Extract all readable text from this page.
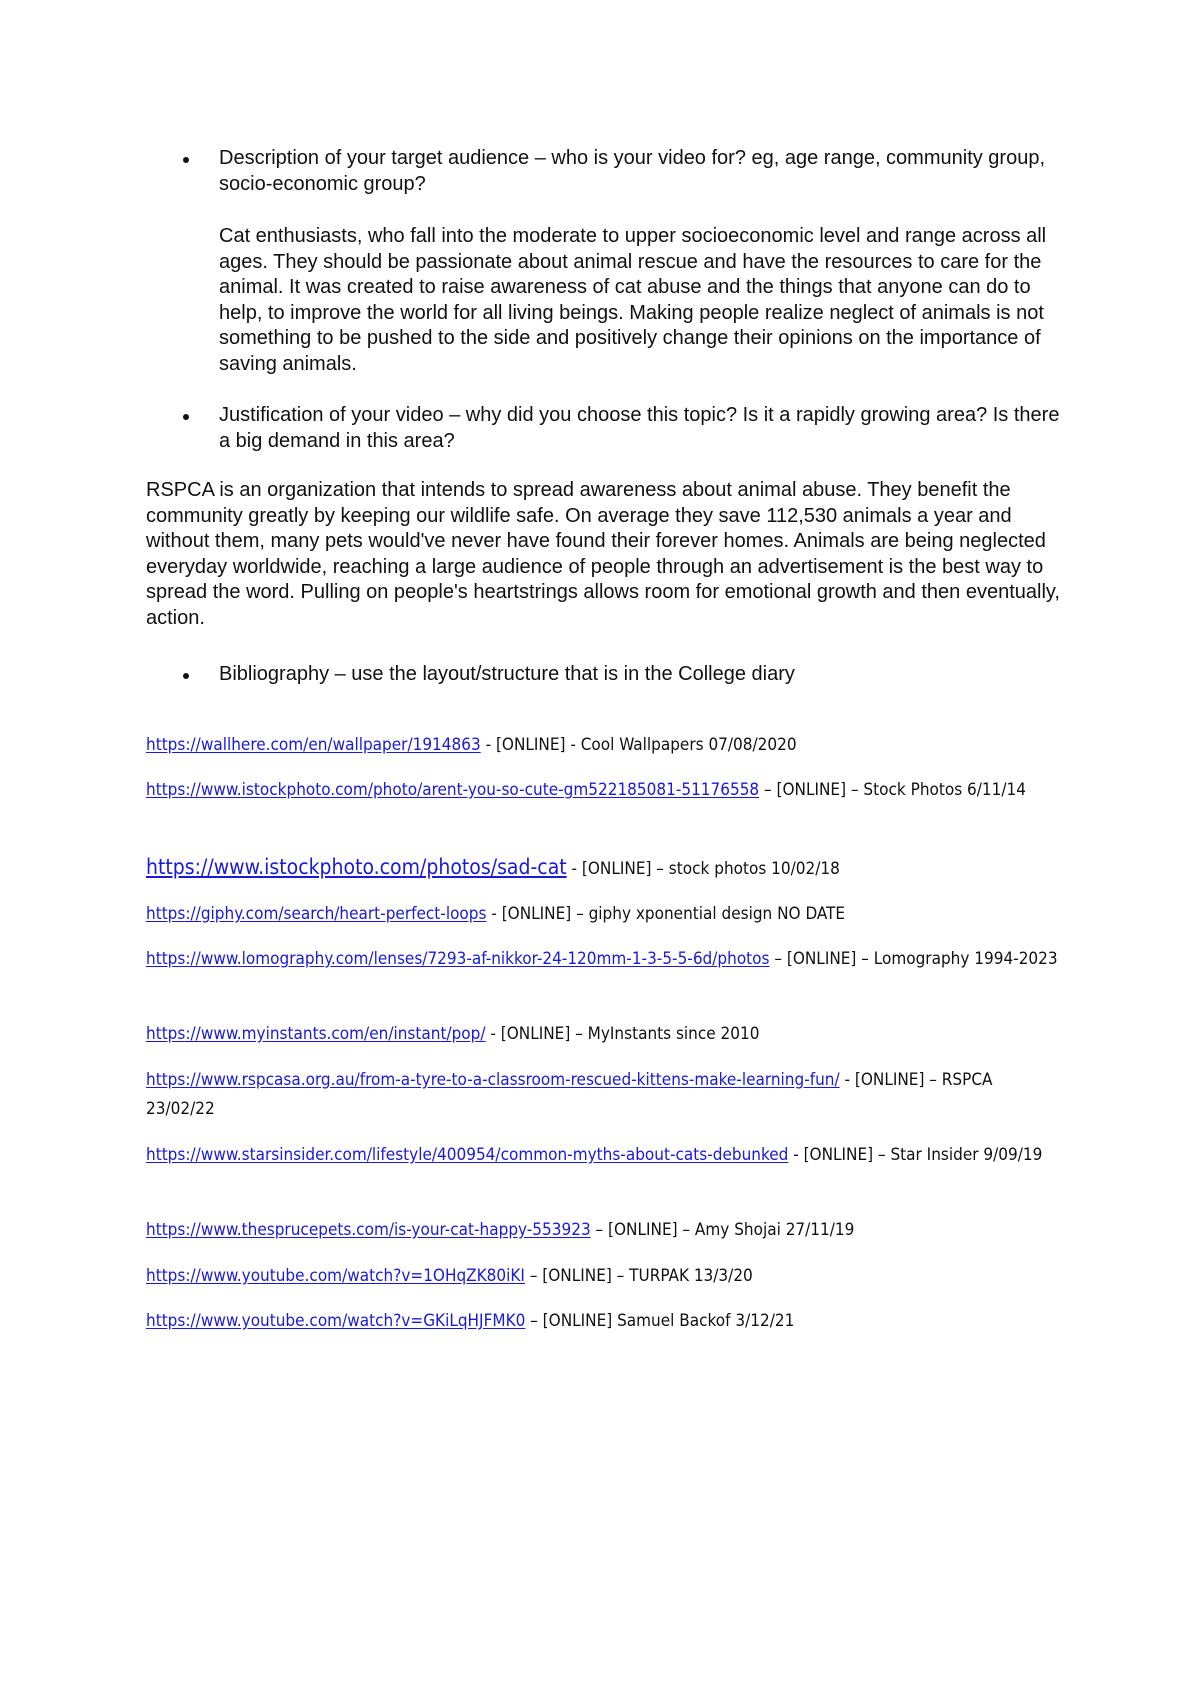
Description of your target audience – who is your video for? eg, age range, community group, socio-economic group?
Cat enthusiasts, who fall into the moderate to upper socioeconomic level and range across all ages. They should be passionate about animal rescue and have the resources to care for the animal. It was created to raise awareness of cat abuse and the things that anyone can do to help, to improve the world for all living beings. Making people realize neglect of animals is not something to be pushed to the side and positively change their opinions on the importance of saving animals.
Justification of your video – why did you choose this topic? Is it a rapidly growing area? Is there a big demand in this area?
RSPCA is an organization that intends to spread awareness about animal abuse. They benefit the community greatly by keeping our wildlife safe. On average they save 112,530 animals a year and without them, many pets would've never have found their forever homes. Animals are being neglected everyday worldwide, reaching a large audience of people through an advertisement is the best way to spread the word. Pulling on people's heartstrings allows room for emotional growth and then eventually, action.
Bibliography – use the layout/structure that is in the College diary
https://wallhere.com/en/wallpaper/1914863 - [ONLINE] - Cool Wallpapers 07/08/2020
https://www.istockphoto.com/photo/arent-you-so-cute-gm522185081-51176558 – [ONLINE] – Stock Photos 6/11/14
https://www.istockphoto.com/photos/sad-cat - [ONLINE] – stock photos 10/02/18
https://giphy.com/search/heart-perfect-loops - [ONLINE] – giphy xponential design NO DATE
https://www.lomography.com/lenses/7293-af-nikkor-24-120mm-1-3-5-5-6d/photos – [ONLINE] – Lomography 1994-2023
https://www.myinstants.com/en/instant/pop/ - [ONLINE] – MyInstants since 2010
https://www.rspcasa.org.au/from-a-tyre-to-a-classroom-rescued-kittens-make-learning-fun/ - [ONLINE] – RSPCA 23/02/22
https://www.starsinsider.com/lifestyle/400954/common-myths-about-cats-debunked - [ONLINE] – Star Insider 9/09/19
https://www.thesprucepets.com/is-your-cat-happy-553923 – [ONLINE] – Amy Shojai 27/11/19
https://www.youtube.com/watch?v=1OHqZK80iKI – [ONLINE] – TURPAK 13/3/20
https://www.youtube.com/watch?v=GKiLqHJFMK0 – [ONLINE] Samuel Backof 3/12/21
